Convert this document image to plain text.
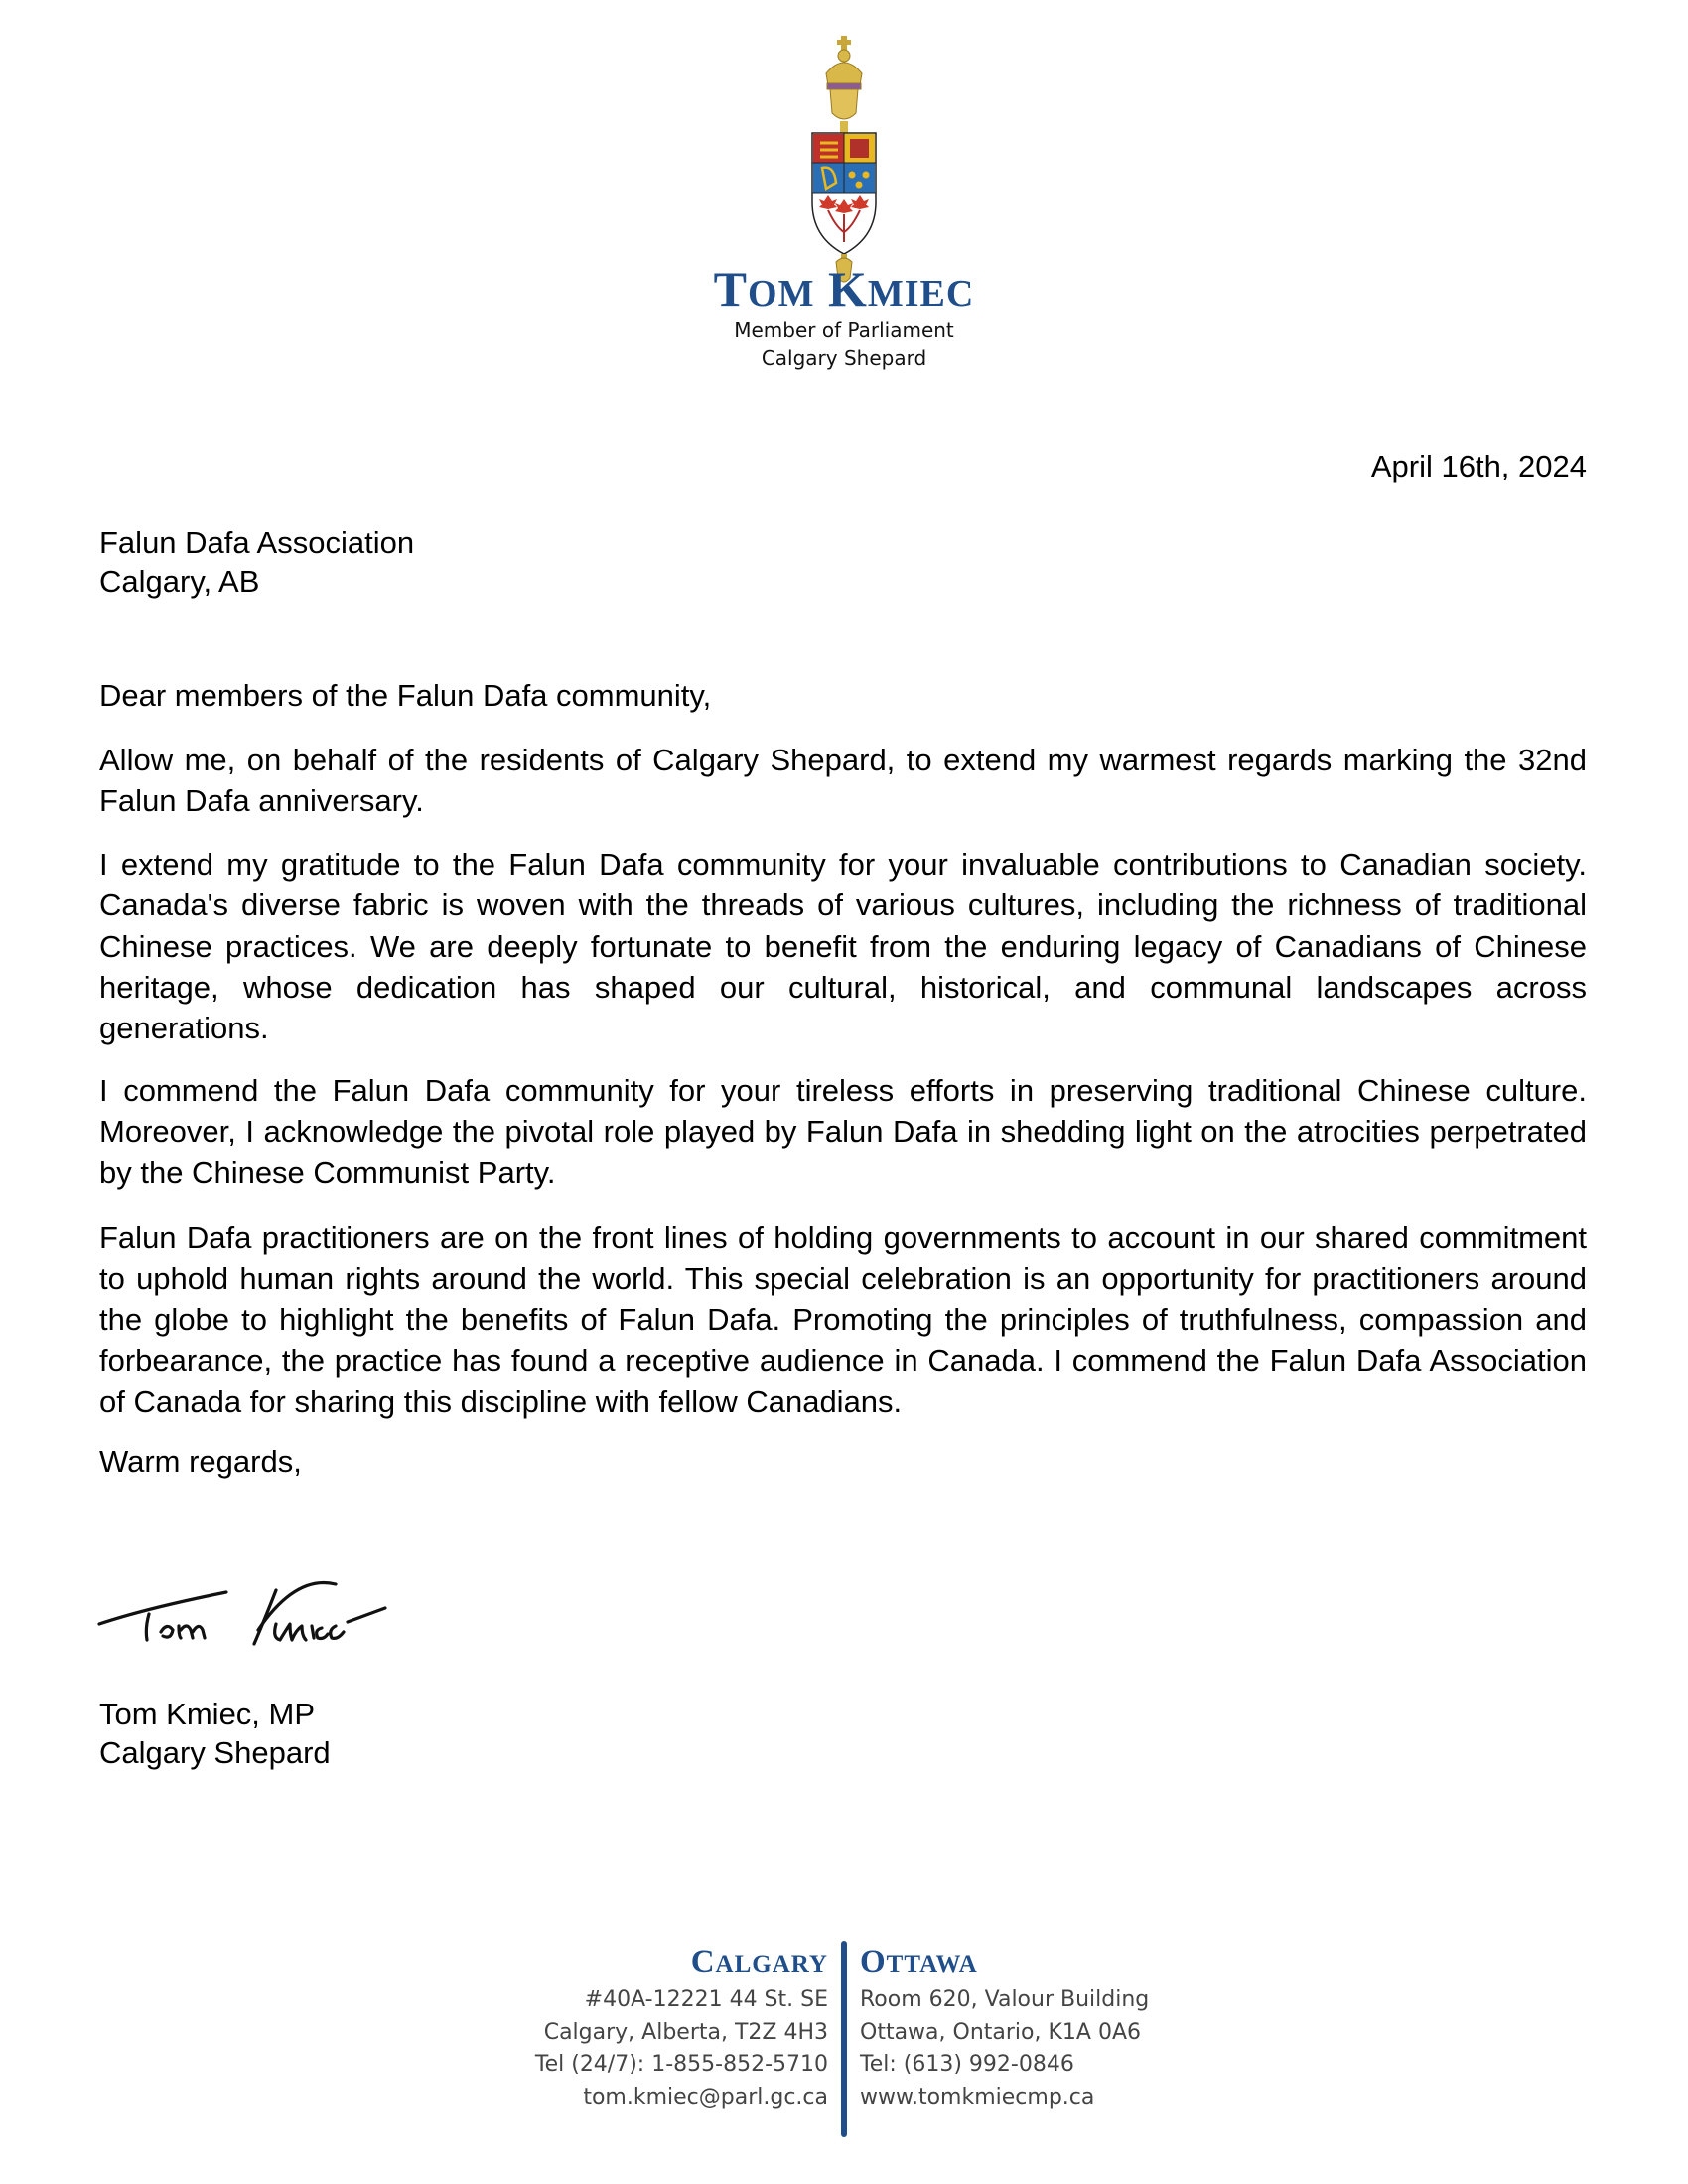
TOM KMIEC
Member of Parliament
Calgary Shepard
April 16th, 2024
Falun Dafa Association
Calgary, AB
Dear members of the Falun Dafa community,
Allow me, on behalf of the residents of Calgary Shepard, to extend my warmest regards marking the 32nd Falun Dafa anniversary.
I extend my gratitude to the Falun Dafa community for your invaluable contributions to Canadian society. Canada's diverse fabric is woven with the threads of various cultures, including the richness of traditional Chinese practices. We are deeply fortunate to benefit from the enduring legacy of Canadians of Chinese heritage, whose dedication has shaped our cultural, historical, and communal landscapes across generations.
I commend the Falun Dafa community for your tireless efforts in preserving traditional Chinese culture. Moreover, I acknowledge the pivotal role played by Falun Dafa in shedding light on the atrocities perpetrated by the Chinese Communist Party.
Falun Dafa practitioners are on the front lines of holding governments to account in our shared commitment to uphold human rights around the world. This special celebration is an opportunity for practitioners around the globe to highlight the benefits of Falun Dafa. Promoting the principles of truthfulness, compassion and forbearance, the practice has found a receptive audience in Canada. I commend the Falun Dafa Association of Canada for sharing this discipline with fellow Canadians.
Warm regards,
Tom Kmiec, MP
Calgary Shepard
CALGARY
#40A-12221 44 St. SE
Calgary, Alberta, T2Z 4H3
Tel (24/7): 1-855-852-5710
tom.kmiec@parl.gc.ca
OTTAWA
Room 620, Valour Building
Ottawa, Ontario, K1A 0A6
Tel: (613) 992-0846
www.tomkmiecmp.ca
